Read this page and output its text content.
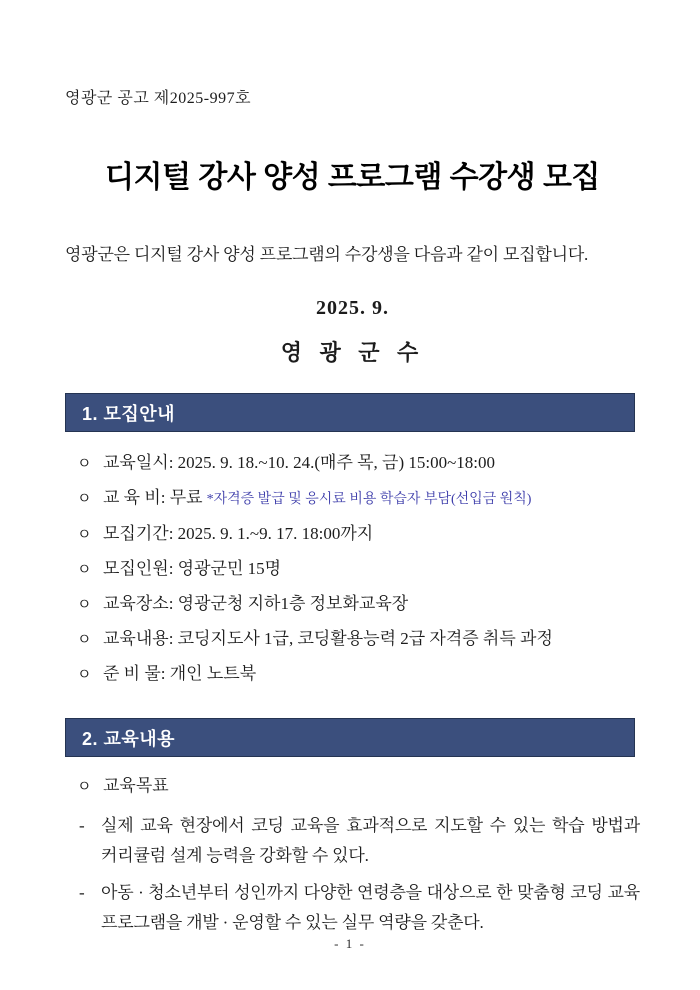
영광군 공고 제2025-997호
디지털 강사 양성 프로그램 수강생 모집
영광군은 디지털 강사 양성 프로그램의 수강생을 다음과 같이 모집합니다.
2025. 9.
영 광 군 수
1. 모집안내
ㅇ 교육일시: 2025. 9. 18.~10. 24.(매주 목, 금) 15:00~18:00
ㅇ 교 육 비: 무료 *자격증 발급 및 응시료 비용 학습자 부담(선입금 원칙)
ㅇ 모집기간: 2025. 9. 1.~9. 17. 18:00까지
ㅇ 모집인원: 영광군민 15명
ㅇ 교육장소: 영광군청 지하1층 정보화교육장
ㅇ 교육내용: 코딩지도사 1급, 코딩활용능력 2급 자격증 취득 과정
ㅇ 준 비 물: 개인 노트북
2. 교육내용
ㅇ 교육목표
- 실제 교육 현장에서 코딩 교육을 효과적으로 지도할 수 있는 학습 방법과 커리큘럼 설계 능력을 강화할 수 있다.
- 아동 · 청소년부터 성인까지 다양한 연령층을 대상으로 한 맞춤형 코딩 교육 프로그램을 개발 · 운영할 수 있는 실무 역량을 갖춘다.
- 1 -
